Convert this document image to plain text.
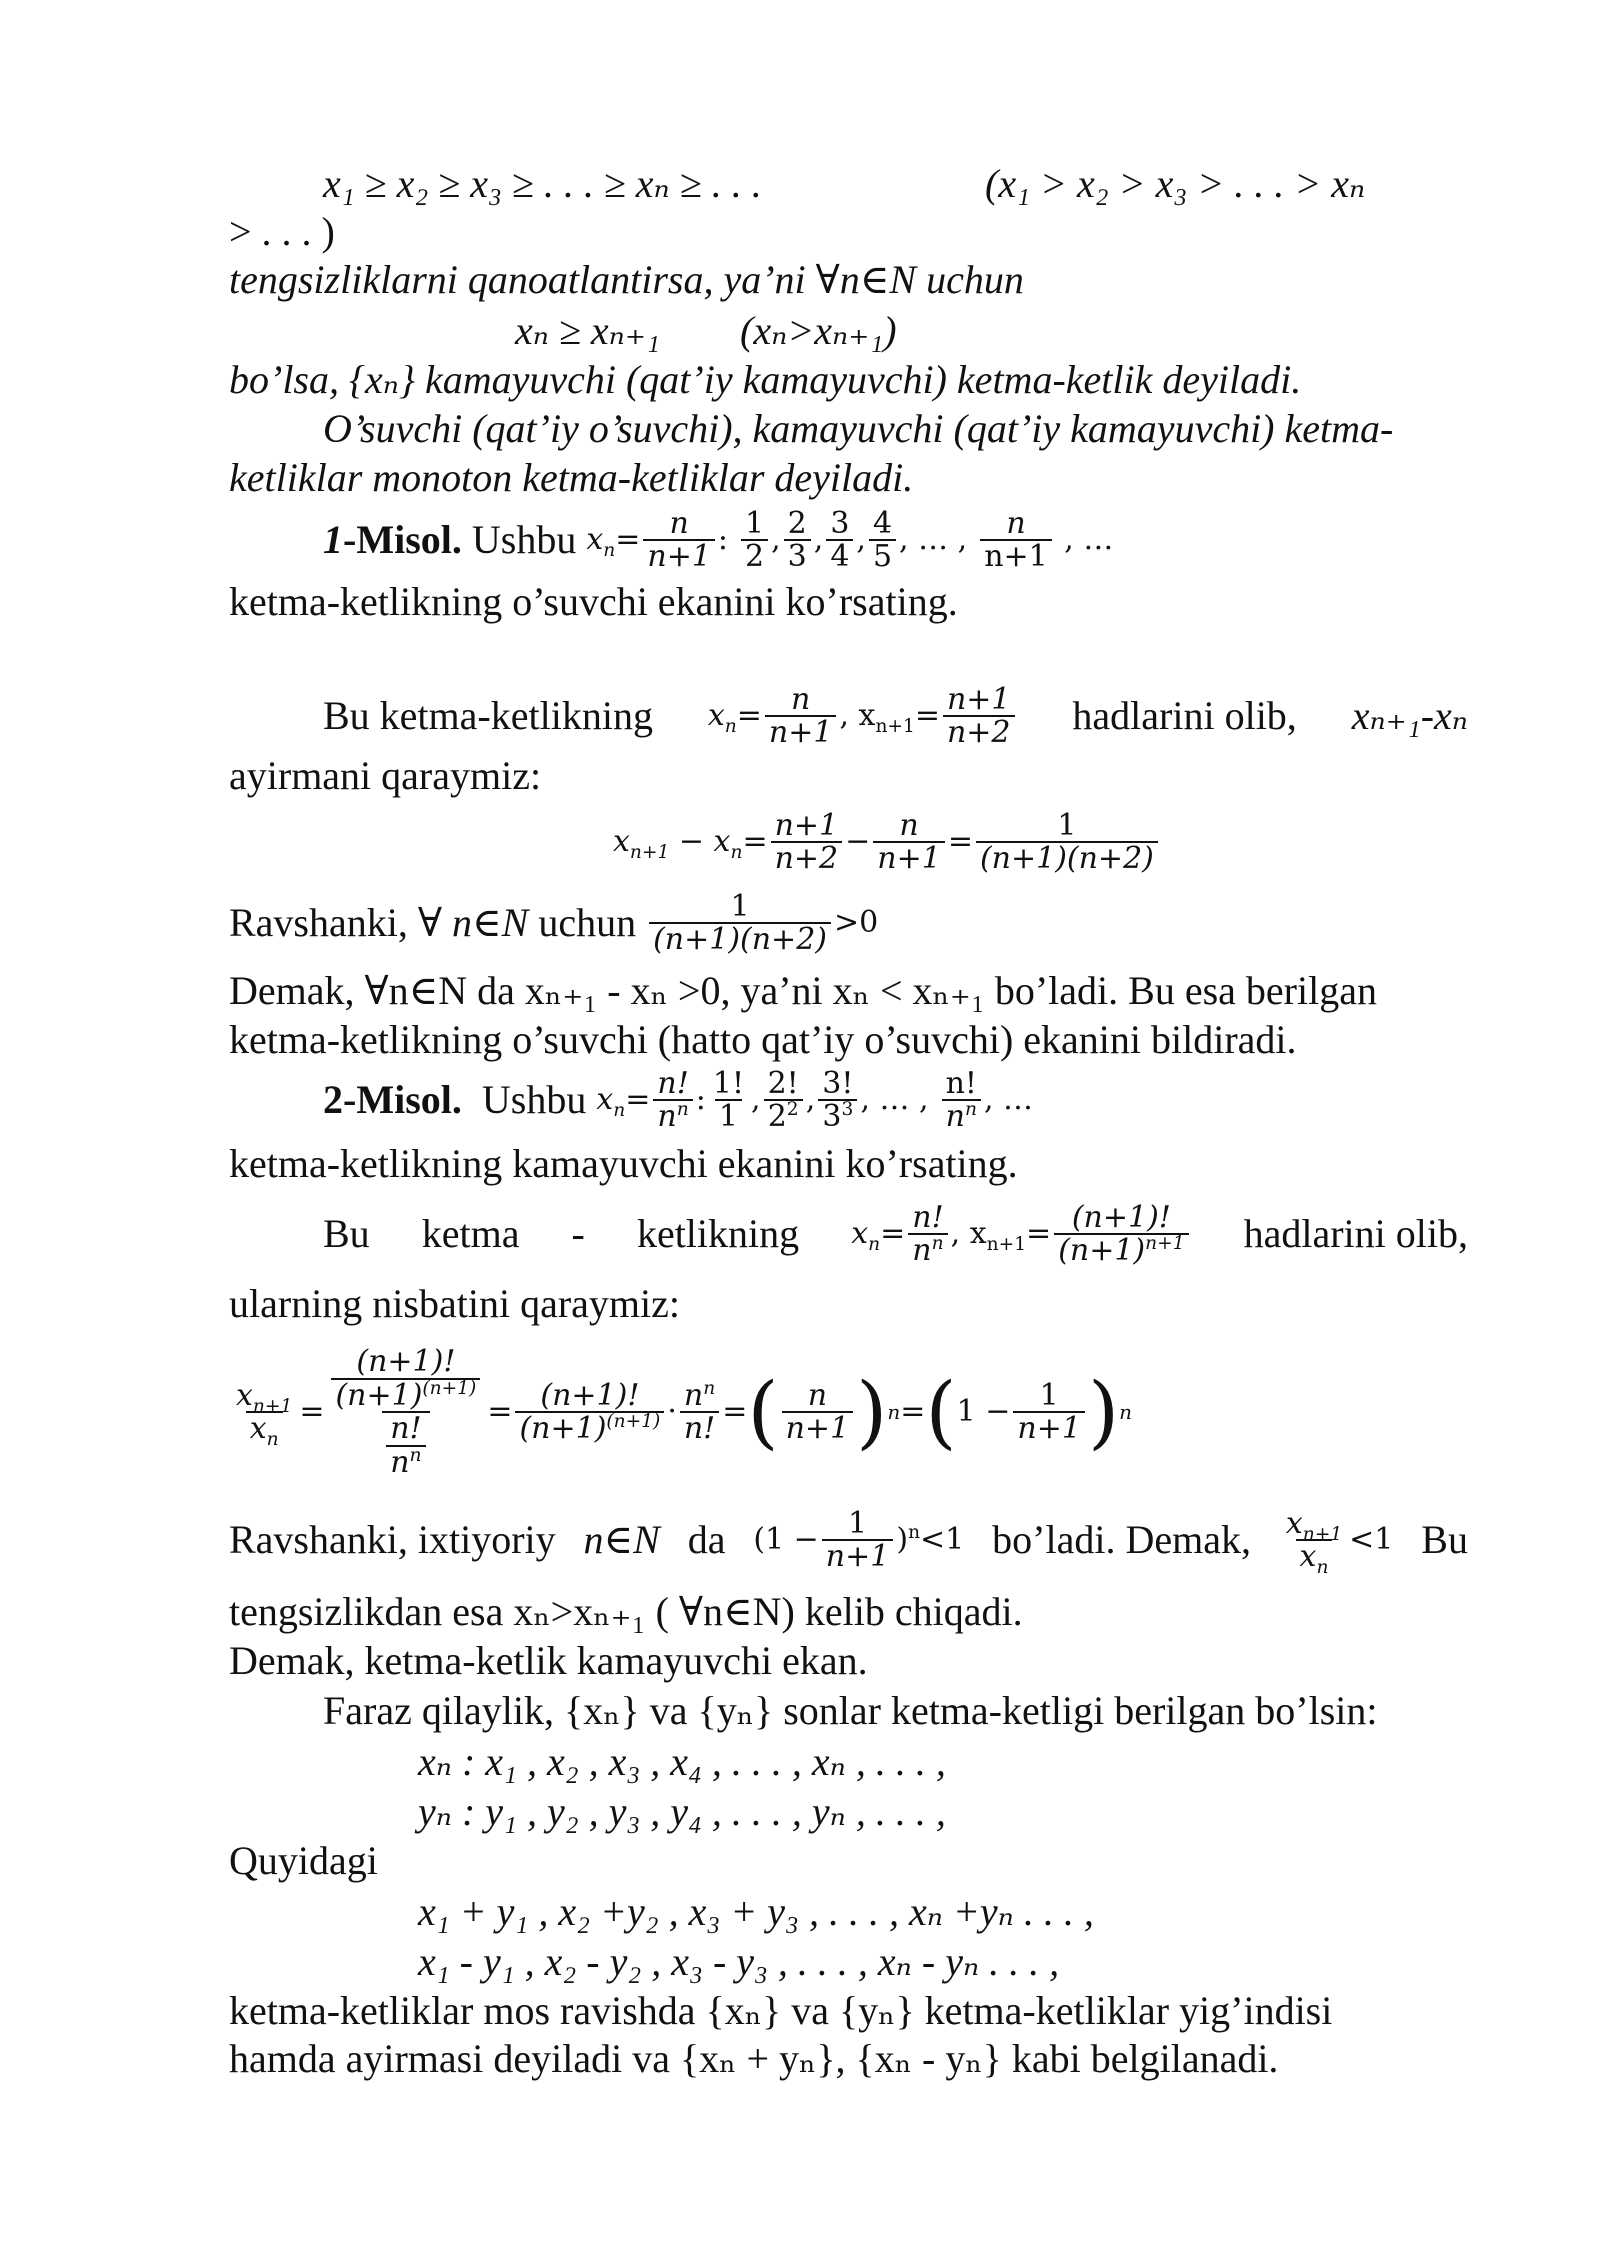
x₁ ≥ x₂ ≥ x₃ ≥ . . . ≥ xₙ ≥ . . .	(x₁ > x₂ > x₃ > . . . > xₙ
> . . . )
tengsizliklarni qanoatlantirsa, ya’ni ∀n∈N uchun
xₙ ≥ xₙ₊₁ (xₙ>xₙ₊₁)
bo’lsa, {xₙ} kamayuvchi (qat’iy kamayuvchi) ketma-ketlik deyiladi.
O’suvchi (qat’iy o’suvchi), kamayuvchi (qat’iy kamayuvchi) ketma-
ketliklar monoton ketma-ketliklar deyiladi.
1 -Misol.
Ushbu
$x_n = \frac{n}{n+1}$ :
$\frac{1}{2}$ , $\frac{2}{3}$ , $\frac{3}{4}$ , $\frac{4}{5}$ , … ,
$\frac{n}{n+1}$ , …
ketma-ketlikning o’suvchi ekanini ko’rsating.
Bu ketma-ketlikning $x_n = \frac{n}{n+1}$ , $x_{n+1} = \frac{n+1}{n+2}$ hadlarini olib, xₙ₊₁-xₙ
ayirmani qaraymiz:
$x_{n+1} - x_n = \frac{n+1}{n+2} - \frac{n}{n+1} = \frac{1}{(n+1)(n+2)}$
Ravshanki,
∀ n∈N
uchun
$\frac{1}{(n+1)(n+2)} >0$
Demak, ∀n∈N da xₙ₊₁ - xₙ >0, ya’ni xₙ < xₙ₊₁ bo’ladi. Bu esa berilgan
ketma-ketlikning o’suvchi (hatto qat’iy o’suvchi) ekanini bildiradi.
2-Misol.
Ushbu
$x_n = \frac{n!}{n^n}$ : $\frac{1!}{1}$ , $\frac{2!}{2^2}$ , $\frac{3!}{3^3}$ , … ,
$\frac{n!}{n^n}$ , …
ketma-ketlikning kamayuvchi ekanini ko’rsating.
Bu ketma - ketlikning $x_n = \frac{n!}{n^n}$ , $x_{n+1} = \frac{(n+1)!}{(n+1)^{n+1}}$ hadlarini olib,
ularning nisbatini qaraymiz:
$\frac{x_{n+1}}{x_n} = \frac{\frac{(n+1)!}{(n+1)^{(n+1)}}}{\frac{n!}{n^n}} = \frac{(n+1)!}{(n+1)^{(n+1)}} \cdot \frac{n^n}{n!}$ = ( $\frac{n}{n+1}$ ) n = ( $1 - \frac{1}{n+1}$ ) n
Ravshanki, ixtiyoriy n∈N da $(1 - \frac{1}{n+1} )^n<1$ bo’ladi. Demak, $\frac{x_{n+1}}{x_n} <1$ Bu
tengsizlikdan esa xₙ>xₙ₊₁ ( ∀n∈N) kelib chiqadi.
Demak, ketma-ketlik kamayuvchi ekan.
Faraz qilaylik, {xₙ} va {yₙ} sonlar ketma-ketligi berilgan bo’lsin:
xₙ : x₁ , x₂ , x₃ , x₄ , . . . , xₙ , . . . ,
yₙ : y₁ , y₂ , y₃ , y₄ , . . . , yₙ , . . . ,
Quyidagi
x₁ + y₁ , x₂ +y₂ , x₃ + y₃ , . . . , xₙ +yₙ . . . ,
x₁ - y₁ , x₂ - y₂ , x₃ - y₃ , . . . , xₙ - yₙ . . . ,
ketma-ketliklar mos ravishda {xₙ} va {yₙ} ketma-ketliklar yig’indisi
hamda ayirmasi deyiladi va {xₙ + yₙ}, {xₙ - yₙ} kabi belgilanadi.
